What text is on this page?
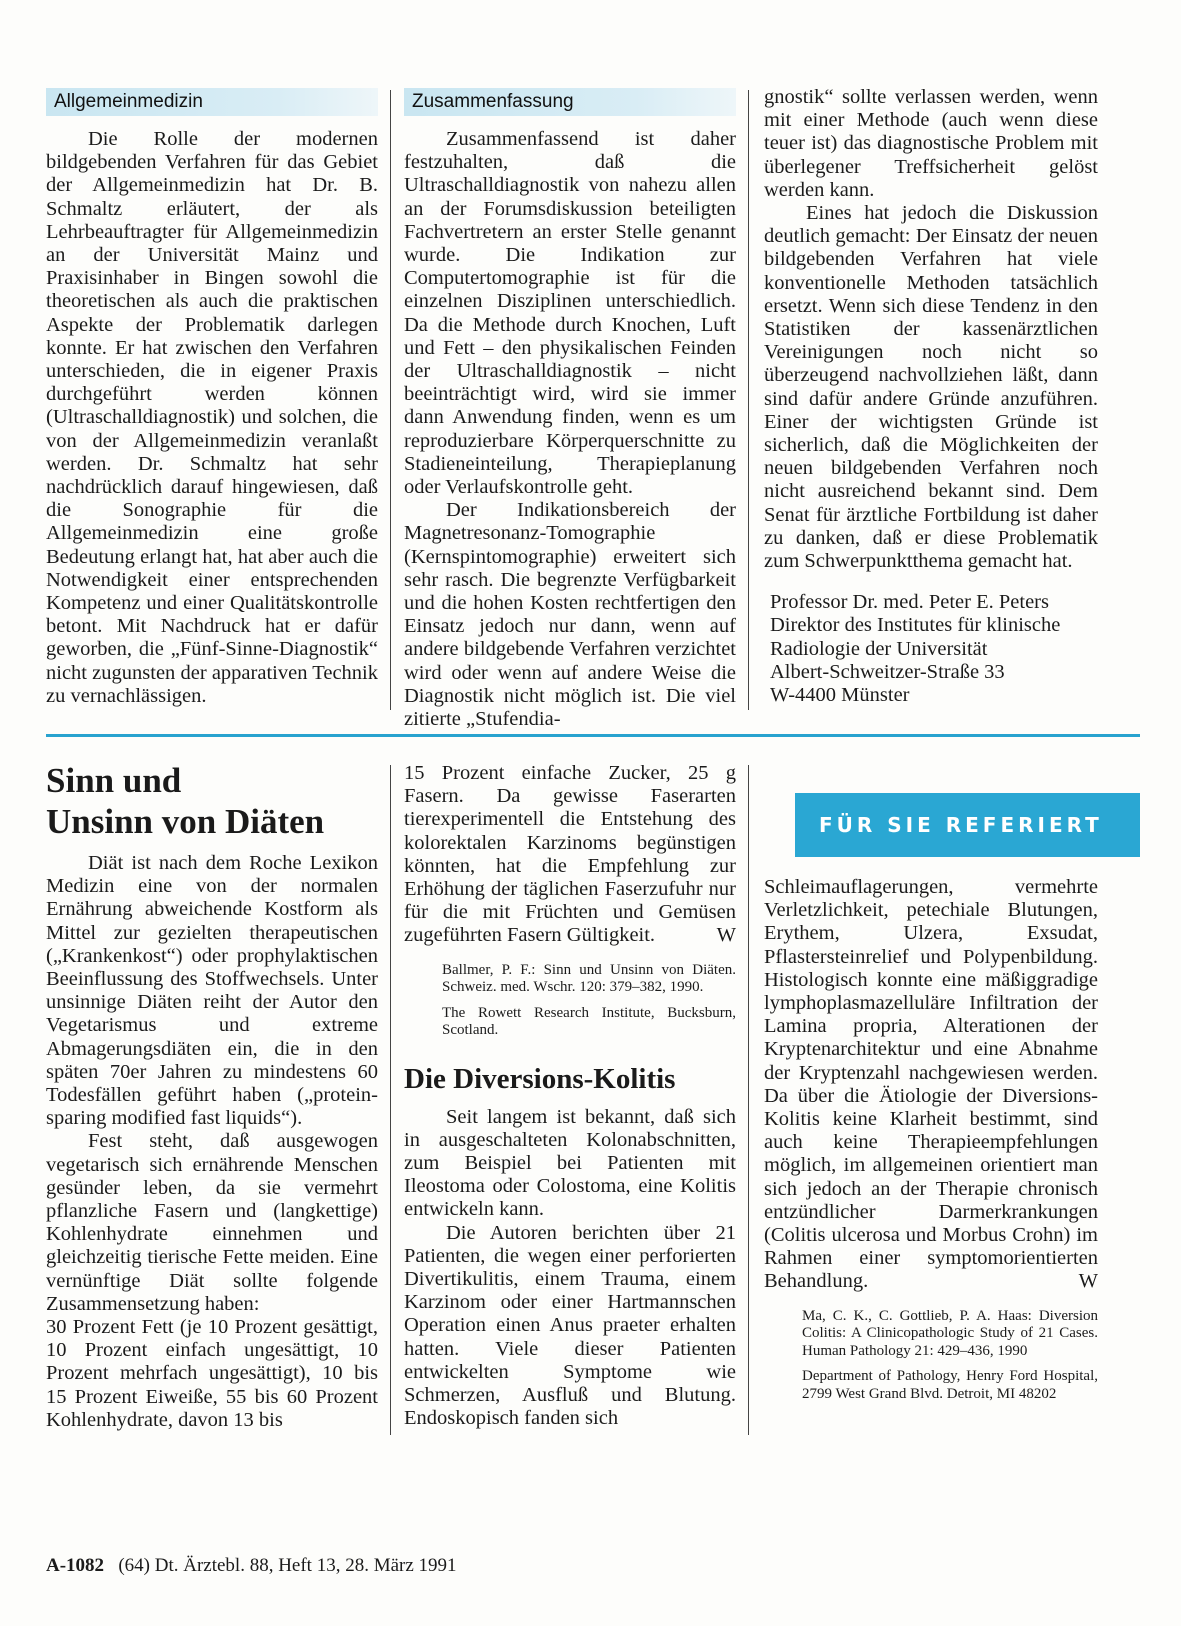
Allgemeinmedizin

Die Rolle der modernen bildgebenden Verfahren für das Gebiet der Allgemeinmedizin hat Dr. B. Schmaltz erläutert, der als Lehrbeauftragter für Allgemeinmedizin an der Universität Mainz und Praxisinhaber in Bingen sowohl die theoretischen als auch die praktischen Aspekte der Problematik darlegen konnte. Er hat zwischen den Verfahren unterschieden, die in eigener Praxis durchgeführt werden können (Ultraschalldiagnostik) und solchen, die von der Allgemeinmedizin veranlaßt werden. Dr. Schmaltz hat sehr nachdrücklich darauf hingewiesen, daß die Sonographie für die Allgemeinmedizin eine große Bedeutung erlangt hat, hat aber auch die Notwendigkeit einer entsprechenden Kompetenz und einer Qualitätskontrolle betont. Mit Nachdruck hat er dafür geworben, die „Fünf-Sinne-Diagnostik“ nicht zugunsten der apparativen Technik zu vernachlässigen.

Zusammenfassung

Zusammenfassend ist daher festzuhalten, daß die Ultraschalldiagnostik von nahezu allen an der Forumsdiskussion beteiligten Fachvertretern an erster Stelle genannt wurde. Die Indikation zur Computertomographie ist für die einzelnen Disziplinen unterschiedlich. Da die Methode durch Knochen, Luft und Fett – den physikalischen Feinden der Ultraschalldiagnostik – nicht beeinträchtigt wird, wird sie immer dann Anwendung finden, wenn es um reproduzierbare Körperquerschnitte zu Stadieneinteilung, Therapieplanung oder Verlaufskontrolle geht.

Der Indikationsbereich der Magnetresonanz-Tomographie (Kernspintomographie) erweitert sich sehr rasch. Die begrenzte Verfügbarkeit und die hohen Kosten rechtfertigen den Einsatz jedoch nur dann, wenn auf andere bildgebende Verfahren verzichtet wird oder wenn auf andere Weise die Diagnostik nicht möglich ist. Die viel zitierte „Stufendia-

gnostik“ sollte verlassen werden, wenn mit einer Methode (auch wenn diese teuer ist) das diagnostische Problem mit überlegener Treffsicherheit gelöst werden kann.

Eines hat jedoch die Diskussion deutlich gemacht: Der Einsatz der neuen bildgebenden Verfahren hat viele konventionelle Methoden tatsächlich ersetzt. Wenn sich diese Tendenz in den Statistiken der kassenärztlichen Vereinigungen noch nicht so überzeugend nachvollziehen läßt, dann sind dafür andere Gründe anzuführen. Einer der wichtigsten Gründe ist sicherlich, daß die Möglichkeiten der neuen bildgebenden Verfahren noch nicht ausreichend bekannt sind. Dem Senat für ärztliche Fortbildung ist daher zu danken, daß er diese Problematik zum Schwerpunktthema gemacht hat.

Professor Dr. med. Peter E. Peters
Direktor des Institutes für klinische
Radiologie der Universität
Albert-Schweitzer-Straße 33
W-4400 Münster
Sinn und
Unsinn von Diäten

Diät ist nach dem Roche Lexikon Medizin eine von der normalen Ernährung abweichende Kostform als Mittel zur gezielten therapeutischen („Krankenkost“) oder prophylaktischen Beeinflussung des Stoffwechsels. Unter unsinnige Diäten reiht der Autor den Vegetarismus und extreme Abmagerungsdiäten ein, die in den späten 70er Jahren zu mindestens 60 Todesfällen geführt haben („protein-sparing modified fast liquids“).

Fest steht, daß ausgewogen vegetarisch sich ernährende Menschen gesünder leben, da sie vermehrt pflanzliche Fasern und (langkettige) Kohlenhydrate einnehmen und gleichzeitig tierische Fette meiden. Eine vernünftige Diät sollte folgende Zusammensetzung haben:

30 Prozent Fett (je 10 Prozent gesättigt, 10 Prozent einfach ungesättigt, 10 Prozent mehrfach ungesättigt), 10 bis 15 Prozent Eiweiße, 55 bis 60 Prozent Kohlenhydrate, davon 13 bis

15 Prozent einfache Zucker, 25 g Fasern. Da gewisse Faserarten tierexperimentell die Entstehung des kolorektalen Karzinoms begünstigen könnten, hat die Empfehlung zur Erhöhung der täglichen Faserzufuhr nur für die mit Früchten und Gemüsen zugeführten Fasern Gültigkeit.	W

Ballmer, P. F.: Sinn und Unsinn von Diäten. Schweiz. med. Wschr. 120: 379–382, 1990.

The Rowett Research Institute, Bucksburn, Scotland.

Die Diversions-Kolitis

Seit langem ist bekannt, daß sich in ausgeschalteten Kolonabschnitten, zum Beispiel bei Patienten mit Ileostoma oder Colostoma, eine Kolitis entwickeln kann.

Die Autoren berichten über 21 Patienten, die wegen einer perforierten Divertikulitis, einem Trauma, einem Karzinom oder einer Hartmannschen Operation einen Anus praeter erhalten hatten. Viele dieser Patienten entwickelten Symptome wie Schmerzen, Ausfluß und Blutung. Endoskopisch fanden sich

FÜR SIE REFERIERT

Schleimauflagerungen, vermehrte Verletzlichkeit, petechiale Blutungen, Erythem, Ulzera, Exsudat, Pflastersteinrelief und Polypenbildung. Histologisch konnte eine mäßiggradige lymphoplasmazelluläre Infiltration der Lamina propria, Alterationen der Kryptenarchitektur und eine Abnahme der Kryptenzahl nachgewiesen werden. Da über die Ätiologie der Diversions-Kolitis keine Klarheit bestimmt, sind auch keine Therapieempfehlungen möglich, im allgemeinen orientiert man sich jedoch an der Therapie chronisch entzündlicher Darmerkrankungen (Colitis ulcerosa und Morbus Crohn) im Rahmen einer symptomorientierten Behandlung.	W

Ma, C. K., C. Gottlieb, P. A. Haas: Diversion Colitis: A Clinicopathologic Study of 21 Cases. Human Pathology 21: 429–436, 1990

Department of Pathology, Henry Ford Hospital, 2799 West Grand Blvd. Detroit, MI 48202

A-1082 (64) Dt. Ärztebl. 88, Heft 13, 28. März 1991
